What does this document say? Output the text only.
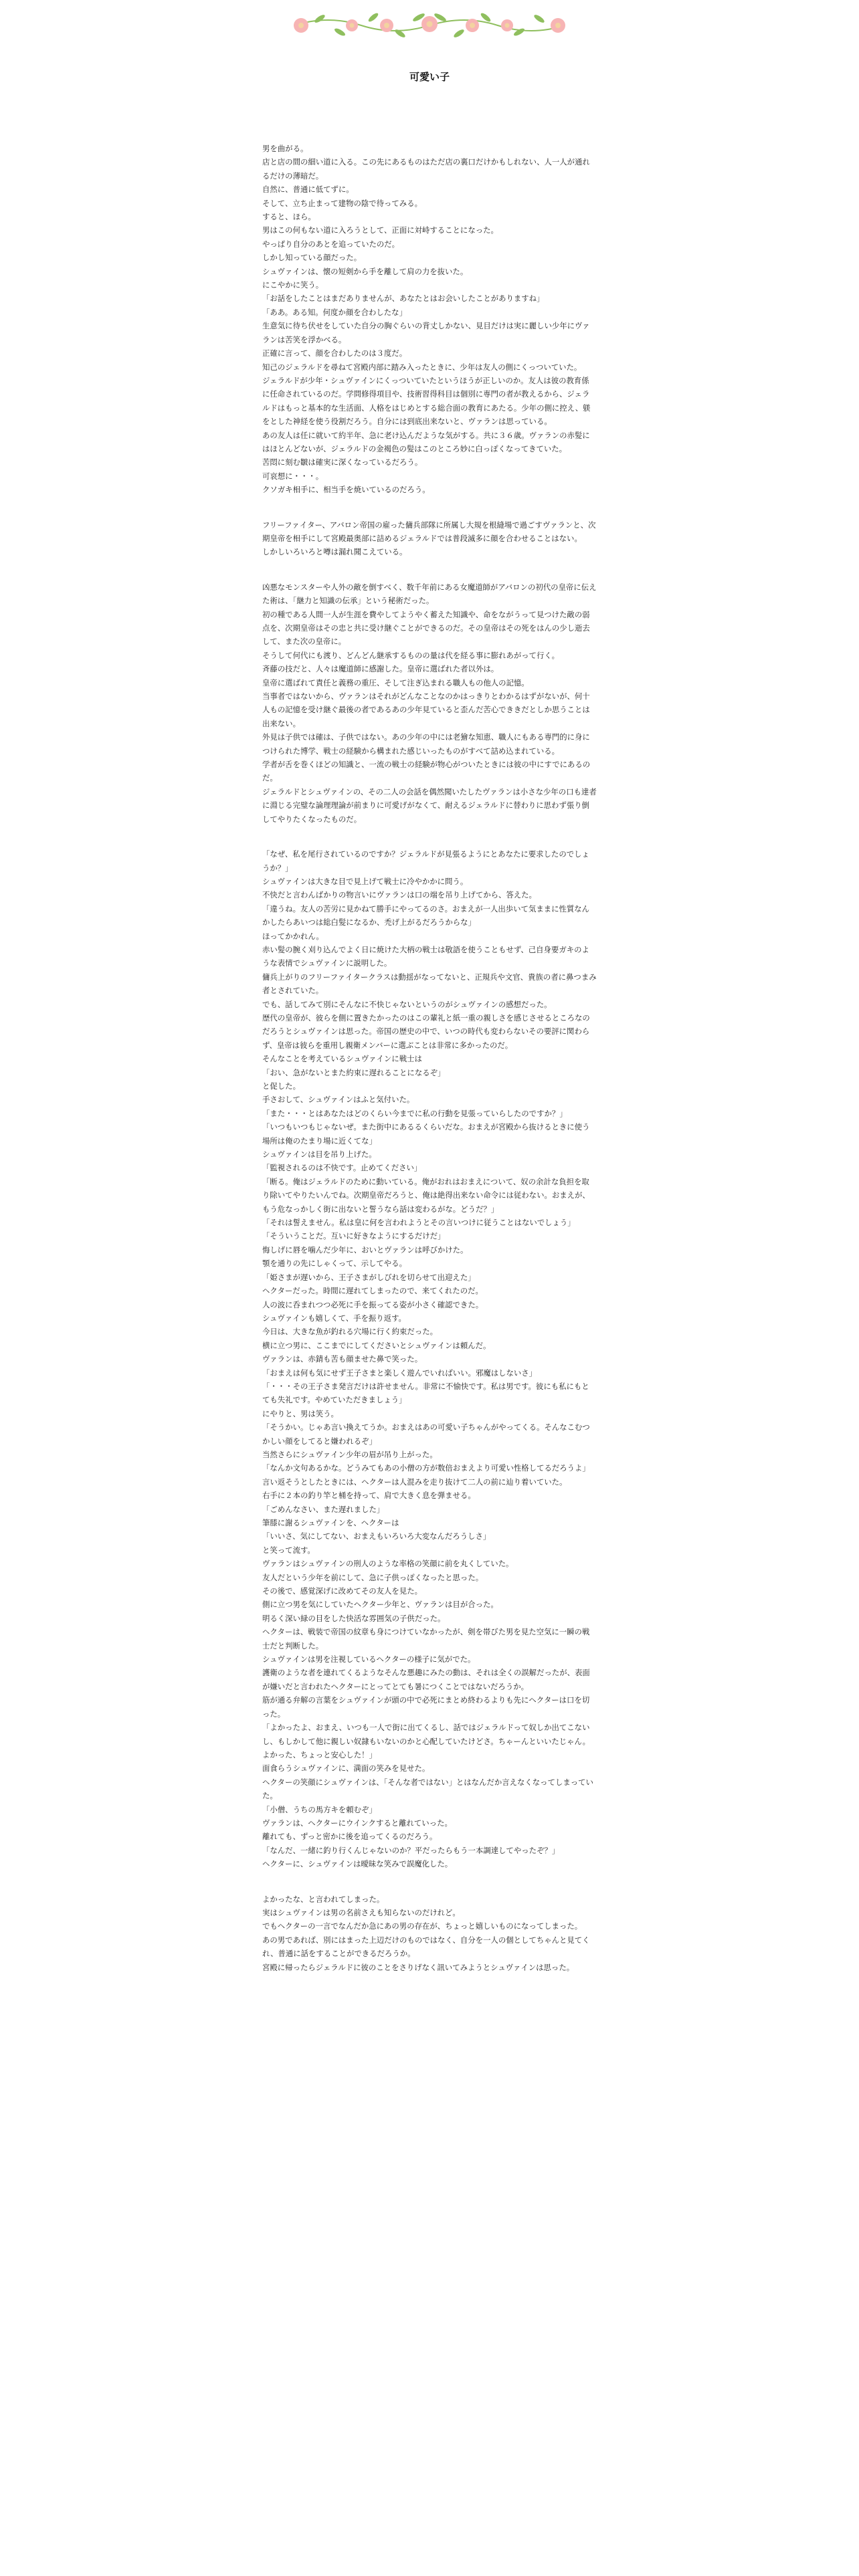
可愛い子
男を曲がる。
店と店の間の細い道に入る。この先にあるものはただ店の裏口だけかもしれない、人一人が通れるだけの薄暗だ。
自然に、普通に低てずに。
そして、立ち止まって建物の陰で待ってみる。
すると、ほら。
男はこの何もない道に入ろうとして、正面に対峙することになった。
やっぱり自分のあとを追っていたのだ。
しかし知っている顔だった。
シュヴァインは、懐の短剣から手を離して肩の力を抜いた。
にこやかに笑う。
「お話をしたことはまだありませんが、あなたとはお会いしたことがありますね」
「ああ。ある知。何度か顔を合わしたな」
生意気に待ち伏せをしていた自分の胸ぐらいの背丈しかない、見目だけは実に麗しい少年にヴァランは苦笑を浮かべる。
正確に言って、顔を合わしたのは３度だ。
知己のジェラルドを尋ねて宮殿内部に踏み入ったときに、少年は友人の側にくっついていた。
ジェラルドが少年・シュヴァインにくっついていたというほうが正しいのか。友人は彼の教育係に任命されているのだ。学問修得項目や、技術習得科目は個別に専門の者が教えるから、ジェラルドはもっと基本的な生活面、人格をはじめとする総合面の教育にあたる。少年の側に控え、躾をとした神経を使う役割だろう。自分には到底出来ないと、ヴァランは思っている。
あの友人は任に就いて約半年、急に老け込んだような気がする。共に３６歳。ヴァランの赤髪にはほとんどないが、ジェラルドの金褐色の髪はこのところ妙に白っぽくなってきていた。
苦悶に刻む皺は確実に深くなっているだろう。
可哀想に・・・。
クソガキ相手に、相当手を焼いているのだろう。
フリーファイター、アバロン帝国の雇った傭兵部隊に所属し大規を根縫場で過ごすヴァランと、次期皇帝を相手にして宮殿最奥部に詰めるジェラルドでは普段滅多に顔を合わせることはない。
しかしいろいろと噂は漏れ聞こえている。
凶悪なモンスターや人外の敵を倒すべく、数千年前にある女魔道師がアバロンの初代の皇帝に伝えた術は、「継力と知識の伝承」という秘術だった。
初の種である人間一人が生涯を費やしてようやく蓄えた知識や、命をながうって見つけた敵の弱点を、次期皇帝はその忠と共に受け継ぐことができるのだ。その皇帝はその死をはんの少し逝去して、また次の皇帝に。
そうして何代にも渡り、どんどん継承するものの量は代を経る事に膨れあがって行く。
斉藤の技だと、人々は魔道師に感謝した。皇帝に選ばれた者以外は。
皇帝に選ばれて責任と義務の重圧、そして注ぎ込まれる職人もの他人の記憶。
当事者ではないから、ヴァランはそれがどんなことなのかはっきりとわかるはずがないが、何十人もの記憶を受け継ぐ最後の者であるあの少年見ていると歪んだ苦心でききだとしか思うことは出来ない。
外見は子供では確は、子供ではない。あの少年の中には老獪な知恵、職人にもある専門的に身につけられた博学、戦士の経験から構まれた感じいったものがすべて詰め込まれている。
学者が舌を巻くほどの知識と、一流の戦士の経験が物心がついたときには彼の中にすでにあるのだ。
ジェラルドとシュヴァインの、その二人の会話を偶然聞いたしたヴァランは小さな少年の口も達者に淵じる完璧な論理理論が前まりに可愛げがなくて、耐えるジェラルドに替わりに思わず張り倒してやりたくなったものだ。
「なぜ、私を尾行されているのですか？ジェラルドが見張るようにとあなたに要求したのでしょうか？」
シュヴァインは大きな目で見上げて戦士に冷やかかに問う。
不快だと言わんばかりの物言いにヴァランは口の端を吊り上げてから、答えた。
「違うね。友人の苦労に見かねて勝手にやってるのさ。おまえが一人出歩いて気ままに性質なんかしたらあいつは総白髪になるか、禿げ上がるだろうからな」
ほってかかれん。
赤い髪の腕く刈り込んでよく日に焼けた大柄の戦士は敬語を使うこともせず、己自身要ガキのような表情でシュヴァインに説明した。
傭兵上がりのフリーファイタークラスは動揺がなってないと、正規兵や文官、貴族の者に鼻つまみ者とされていた。
でも、話してみて別にそんなに不快じゃないというのがシュヴァインの感想だった。
歴代の皇帝が、彼らを側に置きたかったのはこの輩礼と紙一重の親しさを感じさせるところなのだろうとシュヴァインは思った。帝国の歴史の中で、いつの時代も変わらないその要評に関わらず、皇帝は彼らを重用し親衛メンバーに選ぶことは非常に多かったのだ。
そんなことを考えているシュヴァインに戦士は
「おい、急がないとまた約束に遅れることになるぞ」
と促した。
手さおして、シュヴァインはふと気付いた。
「また・・・とはあなたはどのくらい今までに私の行動を見張っていらしたのですか？」
「いつもいつもじゃないぜ。また街中にあるるくらいだな。おまえが宮殿から抜けるときに使う場所は俺のたまり場に近くてな」
シュヴァインは目を吊り上げた。
「監視されるのは不快です。止めてください」
「断る。俺はジェラルドのために動いている。俺がおれはおまえについて、奴の余計な負担を取り除いてやりたいんでね。次期皇帝だろうと、俺は絶得出来ない命令には従わない。おまえが、もう危なっかしく街に出ないと誓うなら話は変わるがな。どうだ？」
「それは誓えません。私は皇に何を言われようとその言いつけに従うことはないでしょう」
「そういうことだ。互いに好きなようにするだけだ」
悔しげに唇を噛んだ少年に、おいとヴァランは呼びかけた。
顎を通りの先にしゃくって、示してやる。
「姫さまが遅いから、王子さまがしびれを切らせて出迎えた」
ヘクターだった。時間に遅れてしまったので、来てくれたのだ。
人の波に呑まれつつ必死に手を振ってる姿が小さく確認できた。
シュヴァインも嬉しくて、手を振り返す。
今日は、大きな魚が釣れる穴場に行く約束だった。
横に立つ男に、ここまでにしてくださいとシュヴァインは頼んだ。
ヴァランは、赤錆も苦も顔ませた鼻で笑った。
「おまえは何も気にせず王子さまと楽しく遊んでいればいい。邪魔はしないさ」
「・・・その王子さま発言だけは許せません。非常に不愉快です。私は男です。彼にも私にもとても失礼です。やめていただきましょう」
にやりと、男は笑う。
「そうかい。じゃあ言い換えてうか。おまえはあの可愛い子ちゃんがやってくる。そんなこむつかしい顔をしてると嫌われるぞ」
当然さらにシュヴァイン少年の眉が吊り上がった。
「なんか文句あるかな。どうみてもあの小僧の方が数倍おまえより可愛い性格してるだろうよ」
言い返そうとしたときには、ヘクターは人混みを走り抜けて二人の前に辿り着いていた。
右手に２本の釣り竿と桶を持って、肩で大きく息を弾ませる。
「ごめんなさい、また遅れました」
筆膝に謝るシュヴァインを、ヘクターは
「いいさ、気にしてない、おまえもいろいろ大変なんだろうしさ」
と笑って流す。
ヴァランはシュヴァインの刑人のような率格の笑顔に前を丸くしていた。
友人だという少年を前にして、急に子供っぽくなったと思った。
その後で、感覚深げに改めてその友人を見た。
側に立つ男を気にしていたヘクター少年と、ヴァランは目が合った。
明るく深い緑の目をした快活な雰囲気の子供だった。
ヘクターは、戦装で帝国の紋章も身につけていなかったが、剣を帯びた男を見た空気に一瞬の戦士だと判断した。
シュヴァインは男を注視しているヘクターの様子に気がでた。
護衛のような者を連れてくるようなそんな悪趣にみたの動は、それは全くの誤解だったが、表面が嫌いだと言われたヘクターにとってとても暑につくことではないだろうか。
筋が通る弁解の言葉をシュヴァインが頭の中で必死にまとめ終わるよりも先にヘクターは口を切った。
「よかったよ、おまえ、いつも一人で街に出てくるし、話ではジェラルドって奴しか出てこないし、もしかして他に親しい奴隷もいないのかと心配していたけどさ。ちゃーんといいたじゃん。よかった、ちょっと安心した！」
面食らうシュヴァインに、満面の笑みを見せた。
ヘクターの笑顔にシュヴァインは、「そんな者ではない」とはなんだか言えなくなってしまっていた。
「小僧、うちの馬方キを頼むぞ」
ヴァランは、ヘクターにウインクすると離れていった。
離れても、ずっと密かに後を追ってくるのだろう。
「なんだ、一緒に釣り行くんじゃないのか？平だったらもう一本調達してやったぞ？」
ヘクターに、シュヴァインは曖昧な笑みで誤魔化した。
よかったな、と言われてしまった。
実はシュヴァインは男の名前さえも知らないのだけれど。
でもヘクターの一言でなんだか急にあの男の存在が、ちょっと嬉しいものになってしまった。
あの男であれば、別にはまった上辺だけのものではなく、自分を一人の個としてちゃんと見てくれ、普通に話をすることができるだろうか。
宮殿に帰ったらジェラルドに彼のことをさりげなく訊いてみようとシュヴァインは思った。
